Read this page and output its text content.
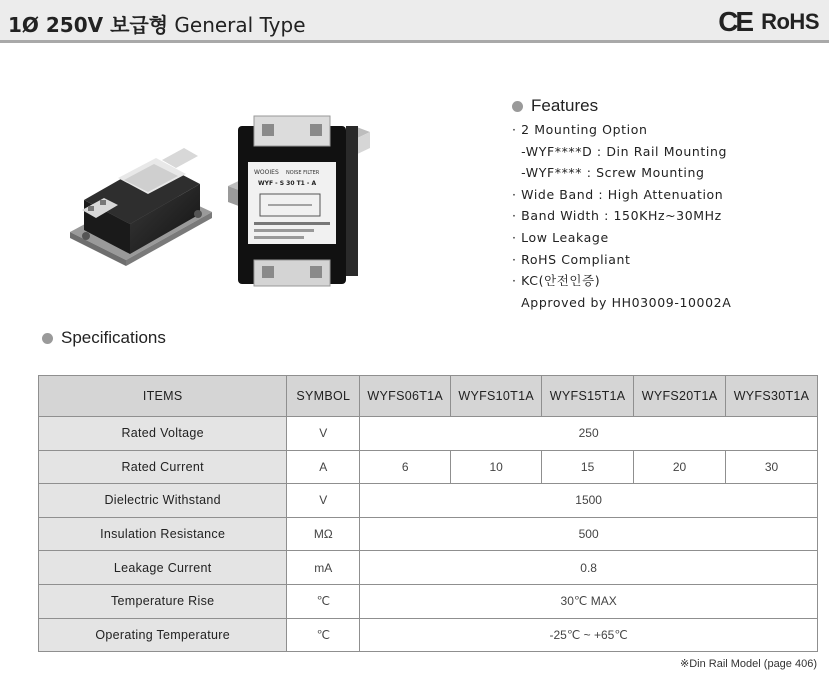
1Ø 250V 보급형 General Type	CE RoHS
WOOIES NOISE FILTER
WYF - S 30 T1 - A
Features
· 2 Mounting Option
-WYF****D : Din Rail Mounting
-WYF**** : Screw Mounting
· Wide Band : High Attenuation
· Band Width : 150KHz~30MHz
· Low Leakage
· RoHS Compliant
· KC(안전인증)
Approved by HH03009-10002A
Specifications
ITEMS	SYMBOL	WYFS06T1A	WYFS10T1A	WYFS15T1A	WYFS20T1A	WYFS30T1A
Rated Voltage	V	250				
Rated Current	A	6	10	15	20	30
Dielectric Withstand	V	1500				
Insulation Resistance	MΩ	500				
Leakage Current	mA	0.8				
Temperature Rise	℃	30℃ MAX				
Operating Temperature	℃	-25℃ ~ +65℃				
※Din Rail Model (page 406)
